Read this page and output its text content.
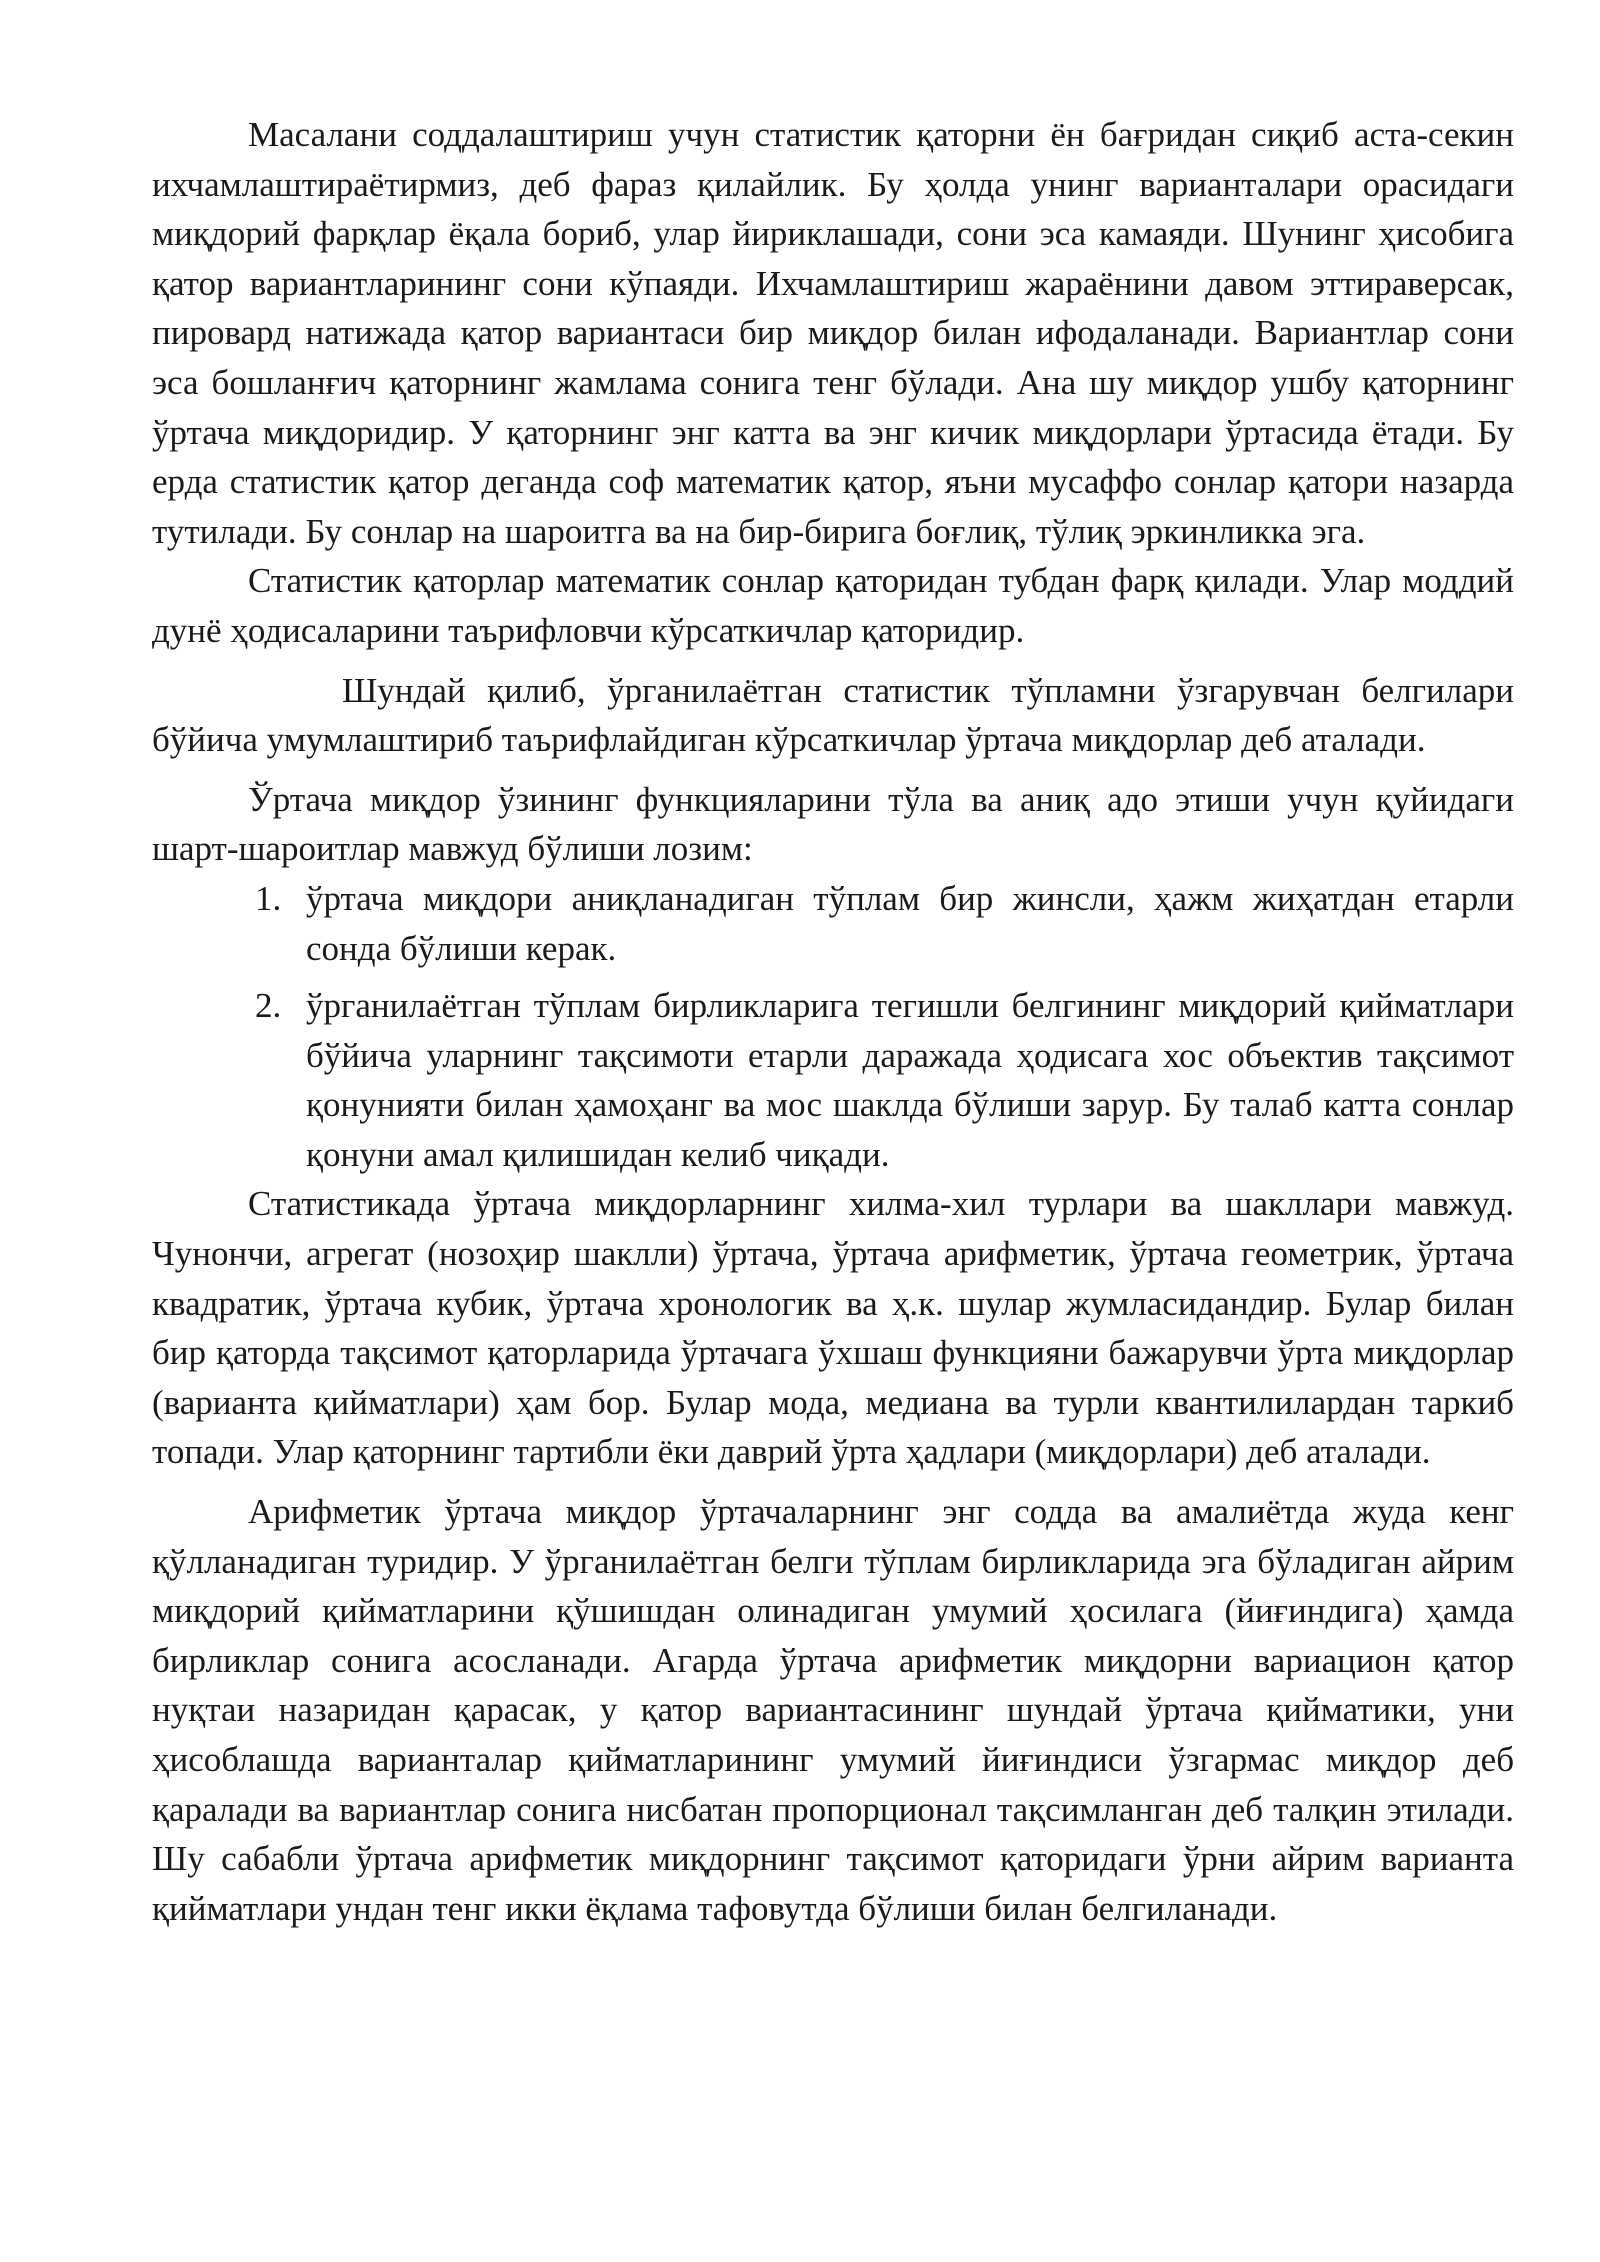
Масалани соддалаштириш учун статистик қаторни ён бағридан сиқиб аста-секин ихчамлаштираётирмиз, деб фараз қилайлик. Бу ҳолда унинг варианталари орасидаги миқдорий фарқлар ёқала бориб, улар йириклашади, сони эса камаяди. Шунинг ҳисобига қатор вариантларининг сони кўпаяди. Ихчамлаштириш жараёнини давом эттираверсак, пировард натижада қатор вариантаси бир миқдор билан ифодаланади. Вариантлар сони эса бошланғич қаторнинг жамлама сонига тенг бўлади. Ана шу миқдор ушбу қаторнинг ўртача миқдоридир. У қаторнинг энг катта ва энг кичик миқдорлари ўртасида ётади. Бу ерда статистик қатор деганда соф математик қатор, яъни мусаффо сонлар қатори назарда тутилади. Бу сонлар на шароитга ва на бир-бирига боғлиқ, тўлиқ эркинликка эга.

Статистик қаторлар математик сонлар қаторидан тубдан фарқ қилади. Улар моддий дунё ҳодисаларини таърифловчи кўрсаткичлар қаторидир.

Шундай қилиб, ўрганилаётган статистик тўпламни ўзгарувчан белгилари бўйича умумлаштириб таърифлайдиган кўрсаткичлар ўртача миқдорлар деб аталади.

Ўртача миқдор ўзининг функцияларини тўла ва аниқ адо этиши учун қуйидаги шарт-шароитлар мавжуд бўлиши лозим:

1. ўртача миқдори аниқланадиган тўплам бир жинсли, ҳажм жиҳатдан етарли сонда бўлиши керак.
2. ўрганилаётган тўплам бирликларига тегишли белгининг миқдорий қийматлари бўйича уларнинг тақсимоти етарли даражада ҳодисага хос объектив тақсимот қонунияти билан ҳамоҳанг ва мос шаклда бўлиши зарур. Бу талаб катта сонлар қонуни амал қилишидан келиб чиқади.

Статистикада ўртача миқдорларнинг хилма-хил турлари ва шакллари мавжуд. Чунончи, агрегат (нозоҳир шаклли) ўртача, ўртача арифметик, ўртача геометрик, ўртача квадратик, ўртача кубик, ўртача хронологик ва ҳ.к. шулар жумласидандир. Булар билан бир қаторда тақсимот қаторларида ўртачага ўхшаш функцияни бажарувчи ўрта миқдорлар (варианта қийматлари) ҳам бор. Булар мода, медиана ва турли квантилилардан таркиб топади. Улар қаторнинг тартибли ёки даврий ўрта ҳадлари (миқдорлари) деб аталади.

Арифметик ўртача миқдор ўртачаларнинг энг содда ва амалиётда жуда кенг қўлланадиган туридир. У ўрганилаётган белги тўплам бирликларида эга бўладиган айрим миқдорий қийматларини қўшишдан олинадиган умумий ҳосилага (йиғиндига) ҳамда бирликлар сонига асосланади. Агарда ўртача арифметик миқдорни вариацион қатор нуқтаи назаридан қарасак, у қатор вариантасининг шундай ўртача қийматики, уни ҳисоблашда варианталар қийматларининг умумий йиғиндиси ўзгармас миқдор деб қаралади ва вариантлар сонига нисбатан пропорционал тақсимланган деб талқин этилади. Шу сабабли ўртача арифметик миқдорнинг тақсимот қаторидаги ўрни айрим варианта қийматлари ундан тенг икки ёқлама тафовутда бўлиши билан белгиланади.
